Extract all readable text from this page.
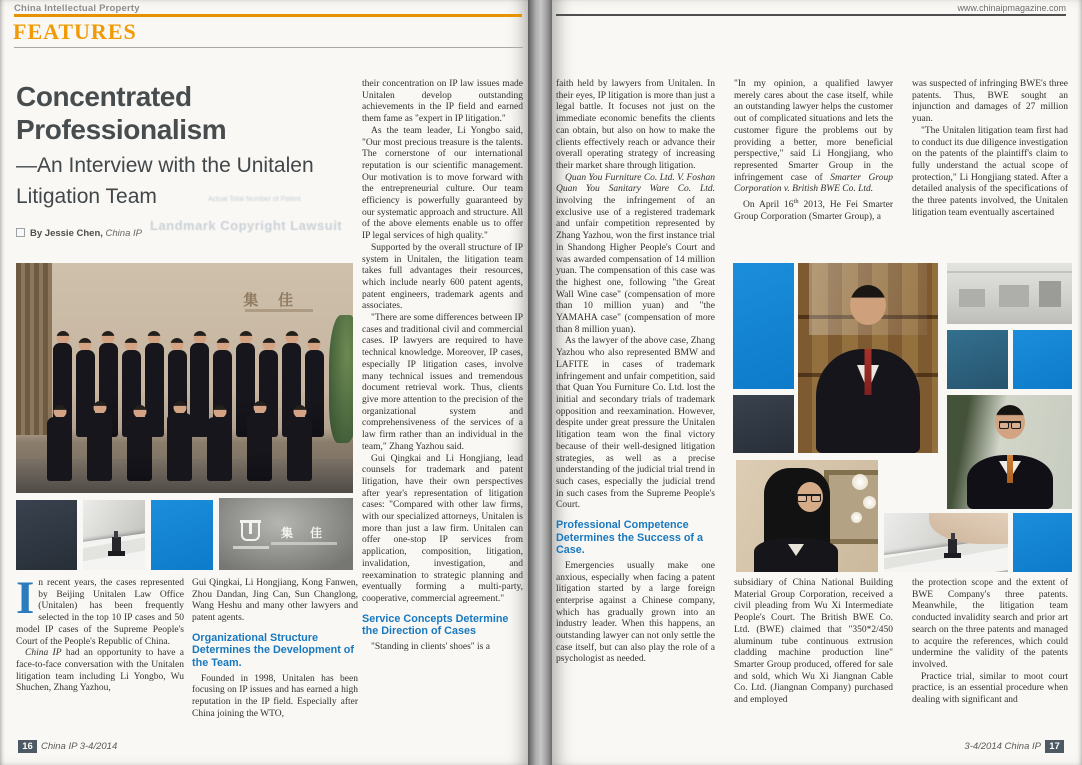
China Intellectual Property
FEATURES
Concentrated
Professionalism
—An Interview with the Unitalen
Litigation Team	Actual Total Number of Patent
Landmark Copyright Lawsuit
By Jessie Chen, China IP
集 佳
集 佳

In recent years, the cases represented by Beijing Unitalen Law Office (Unitalen) has been frequently selected in the top 10 IP cases and 50 model IP cases of the Supreme People's Court of the People's Republic of China.

China IP had an opportunity to have a face-to-face conversation with the Unitalen litigation team including Li Yongbo, Wu Shuchen, Zhang Yazhou,

Gui Qingkai, Li Hongjiang, Kong Fanwen, Zhou Dandan, Jing Can, Sun Changlong, Wang Heshu and many other lawyers and patent agents.

Organizational Structure Determines the Development of the Team.

Founded in 1998, Unitalen has been focusing on IP issues and has earned a high reputation in the IP field. Especially after China joining the WTO,

their concentration on IP law issues made Unitalen develop outstanding achievements in the IP field and earned them fame as "expert in IP litigation."

As the team leader, Li Yongbo said, "Our most precious treasure is the talents. The cornerstone of our international reputation is our scientific management. Our motivation is to move forward with the entrepreneurial culture. Our team efficiency is powerfully guaranteed by our systematic approach and structure. All of the above elements enable us to offer IP legal services of high quality."

Supported by the overall structure of IP system in Unitalen, the litigation team takes full advantages their resources, which include nearly 600 patent agents, patent engineers, trademark agents and associates.

"There are some differences between IP cases and traditional civil and commercial cases. IP lawyers are required to have technical knowledge. Moreover, IP cases, especially IP litigation cases, involve many technical issues and tremendous document retrieval work. Thus, clients give more attention to the precision of the organizational system and comprehensiveness of the services of a law firm rather than an individual in the team," Zhang Yazhou said.

Gui Qingkai and Li Hongjiang, lead counsels for trademark and patent litigation, have their own perspectives after year's representation of litigation cases: "Compared with other law firms, with our specialized attorneys, Unitalen is more than just a law firm. Unitalen can offer one-stop IP services from application, composition, litigation, invalidation, investigation, and reexamination to strategic planning and eventually forming a multi-party, cooperative, commercial agreement."

Service Concepts Determine the Direction of Cases

"Standing in clients' shoes" is a

16 China IP 3-4/2014
www.chinaipmagazine.com

faith held by lawyers from Unitalen. In their eyes, IP litigation is more than just a legal battle. It focuses not just on the immediate economic benefits the clients can obtain, but also on how to make the clients effectively reach or advance their overall operating strategy of increasing their market share through litigation.

Quan You Furniture Co. Ltd. V. Foshan Quan You Sanitary Ware Co. Ltd. involving the infringement of an exclusive use of a registered trademark and unfair competition represented by Zhang Yazhou, won the first instance trial in Shandong Higher People's Court and was awarded compensation of 14 million yuan. The compensation of this case was the highest one, following "the Great Wall Wine case" (compensation of more than 10 million yuan) and "the YAMAHA case" (compensation of more than 8 million yuan).

As the lawyer of the above case, Zhang Yazhou who also represented BMW and LAFITE in cases of trademark infringement and unfair competition, said that Quan You Furniture Co. Ltd. lost the initial and secondary trials of trademark opposition and reexamination. However, despite under great pressure the Unitalen litigation team won the final victory because of their well-designed litigation strategies, as well as a precise understanding of the judicial trial trend in such cases, especially the judicial trend in such cases from the Supreme People's Court.

Professional Competence Determines the Success of a Case.

Emergencies usually make one anxious, especially when facing a patent litigation started by a large foreign enterprise against a Chinese company, which has gradually grown into an industry leader. When this happens, an outstanding lawyer can not only settle the case itself, but can also play the role of a psychologist as needed.

"In my opinion, a qualified lawyer merely cares about the case itself, while an outstanding lawyer helps the customer out of complicated situations and lets the customer figure the problems out by providing a better, more beneficial perspective," said Li Hongjiang, who represented Smarter Group in the infringement case of Smarter Group Corporation v. British BWE Co. Ltd.

On April 16th 2013, He Fei Smarter Group Corporation (Smarter Group), a

subsidiary of China National Building Material Group Corporation, received a civil pleading from Wu Xi Intermediate People's Court. The British BWE Co. Ltd. (BWE) claimed that "350*2/450 aluminum tube continuous extrusion cladding machine production line" Smarter Group produced, offered for sale and sold, which Wu Xi Jiangnan Cable Co. Ltd. (Jiangnan Company) purchased and employed

was suspected of infringing BWE's three patents. Thus, BWE sought an injunction and damages of 27 million yuan.

"The Unitalen litigation team first had to conduct its due diligence investigation on the patents of the plaintiff's claim to fully understand the actual scope of protection," Li Hongjiang stated. After a detailed analysis of the specifications of the three patents involved, the Unitalen litigation team eventually ascertained

the protection scope and the extent of BWE Company's three patents. Meanwhile, the litigation team conducted invalidity search and prior art search on the three patents and managed to acquire the references, which could undermine the validity of the patents involved.

Practice trial, similar to moot court practice, is an essential procedure when dealing with significant and

3-4/2014 China IP 17
